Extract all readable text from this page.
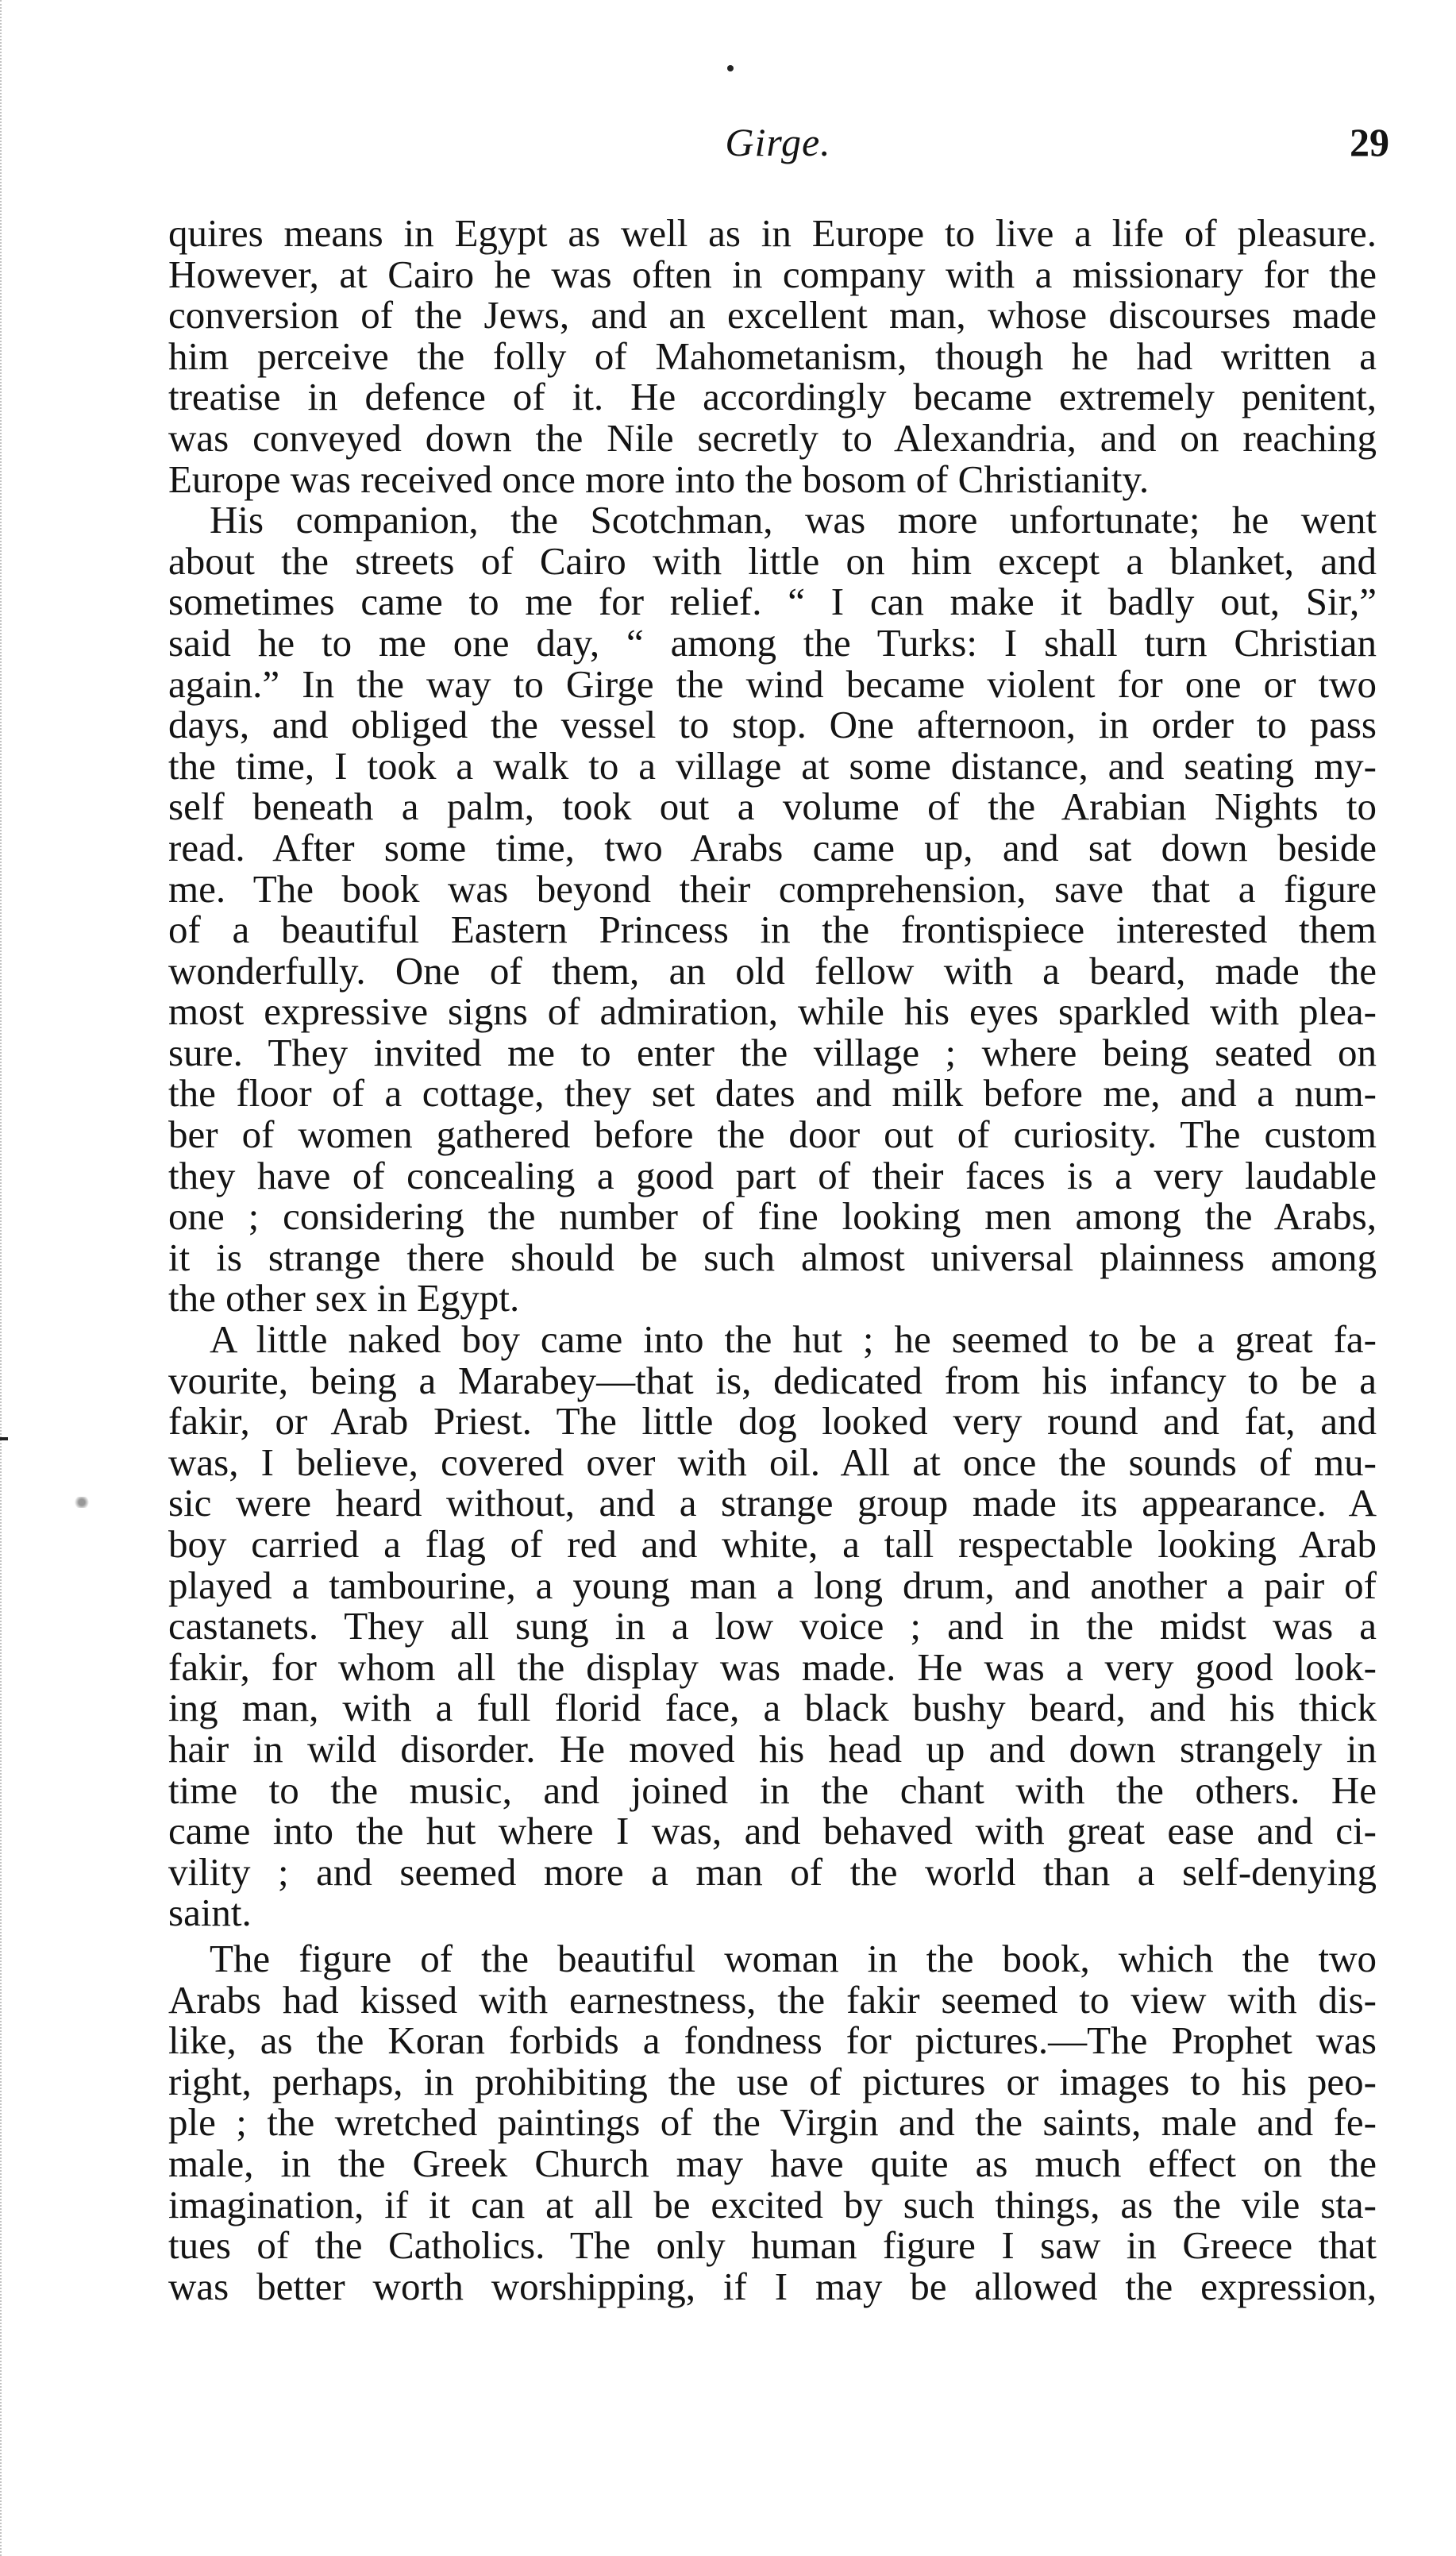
Girge.	29
quires means in Egypt as well as in Europe to live a life of pleasure.
However, at Cairo he was often in company with a missionary for the
conversion of the Jews, and an excellent man, whose discourses made
him perceive the folly of Mahometanism, though he had written a
treatise in defence of it. He accordingly became extremely penitent,
was conveyed down the Nile secretly to Alexandria, and on reaching
Europe was received once more into the bosom of Christianity.
His companion, the Scotchman, was more unfortunate; he went
about the streets of Cairo with little on him except a blanket, and
sometimes came to me for relief. “ I can make it badly out, Sir,”
said he to me one day, “ among the Turks: I shall turn Christian
again.” In the way to Girge the wind became violent for one or two
days, and obliged the vessel to stop. One afternoon, in order to pass
the time, I took a walk to a village at some distance, and seating my-
self beneath a palm, took out a volume of the Arabian Nights to
read. After some time, two Arabs came up, and sat down beside
me. The book was beyond their comprehension, save that a figure
of a beautiful Eastern Princess in the frontispiece interested them
wonderfully. One of them, an old fellow with a beard, made the
most expressive signs of admiration, while his eyes sparkled with plea-
sure. They invited me to enter the village ; where being seated on
the floor of a cottage, they set dates and milk before me, and a num-
ber of women gathered before the door out of curiosity. The custom
they have of concealing a good part of their faces is a very laudable
one ; considering the number of fine looking men among the Arabs,
it is strange there should be such almost universal plainness among
the other sex in Egypt.
A little naked boy came into the hut ; he seemed to be a great fa-
vourite, being a Marabey—that is, dedicated from his infancy to be a
fakir, or Arab Priest. The little dog looked very round and fat, and
was, I believe, covered over with oil. All at once the sounds of mu-
sic were heard without, and a strange group made its appearance. A
boy carried a flag of red and white, a tall respectable looking Arab
played a tambourine, a young man a long drum, and another a pair of
castanets. They all sung in a low voice ; and in the midst was a
fakir, for whom all the display was made. He was a very good look-
ing man, with a full florid face, a black bushy beard, and his thick
hair in wild disorder. He moved his head up and down strangely in
time to the music, and joined in the chant with the others. He
came into the hut where I was, and behaved with great ease and ci-
vility ; and seemed more a man of the world than a self-denying
saint.
The figure of the beautiful woman in the book, which the two
Arabs had kissed with earnestness, the fakir seemed to view with dis-
like, as the Koran forbids a fondness for pictures.—The Prophet was
right, perhaps, in prohibiting the use of pictures or images to his peo-
ple ; the wretched paintings of the Virgin and the saints, male and fe-
male, in the Greek Church may have quite as much effect on the
imagination, if it can at all be excited by such things, as the vile sta-
tues of the Catholics. The only human figure I saw in Greece that
was better worth worshipping, if I may be allowed the expression,
